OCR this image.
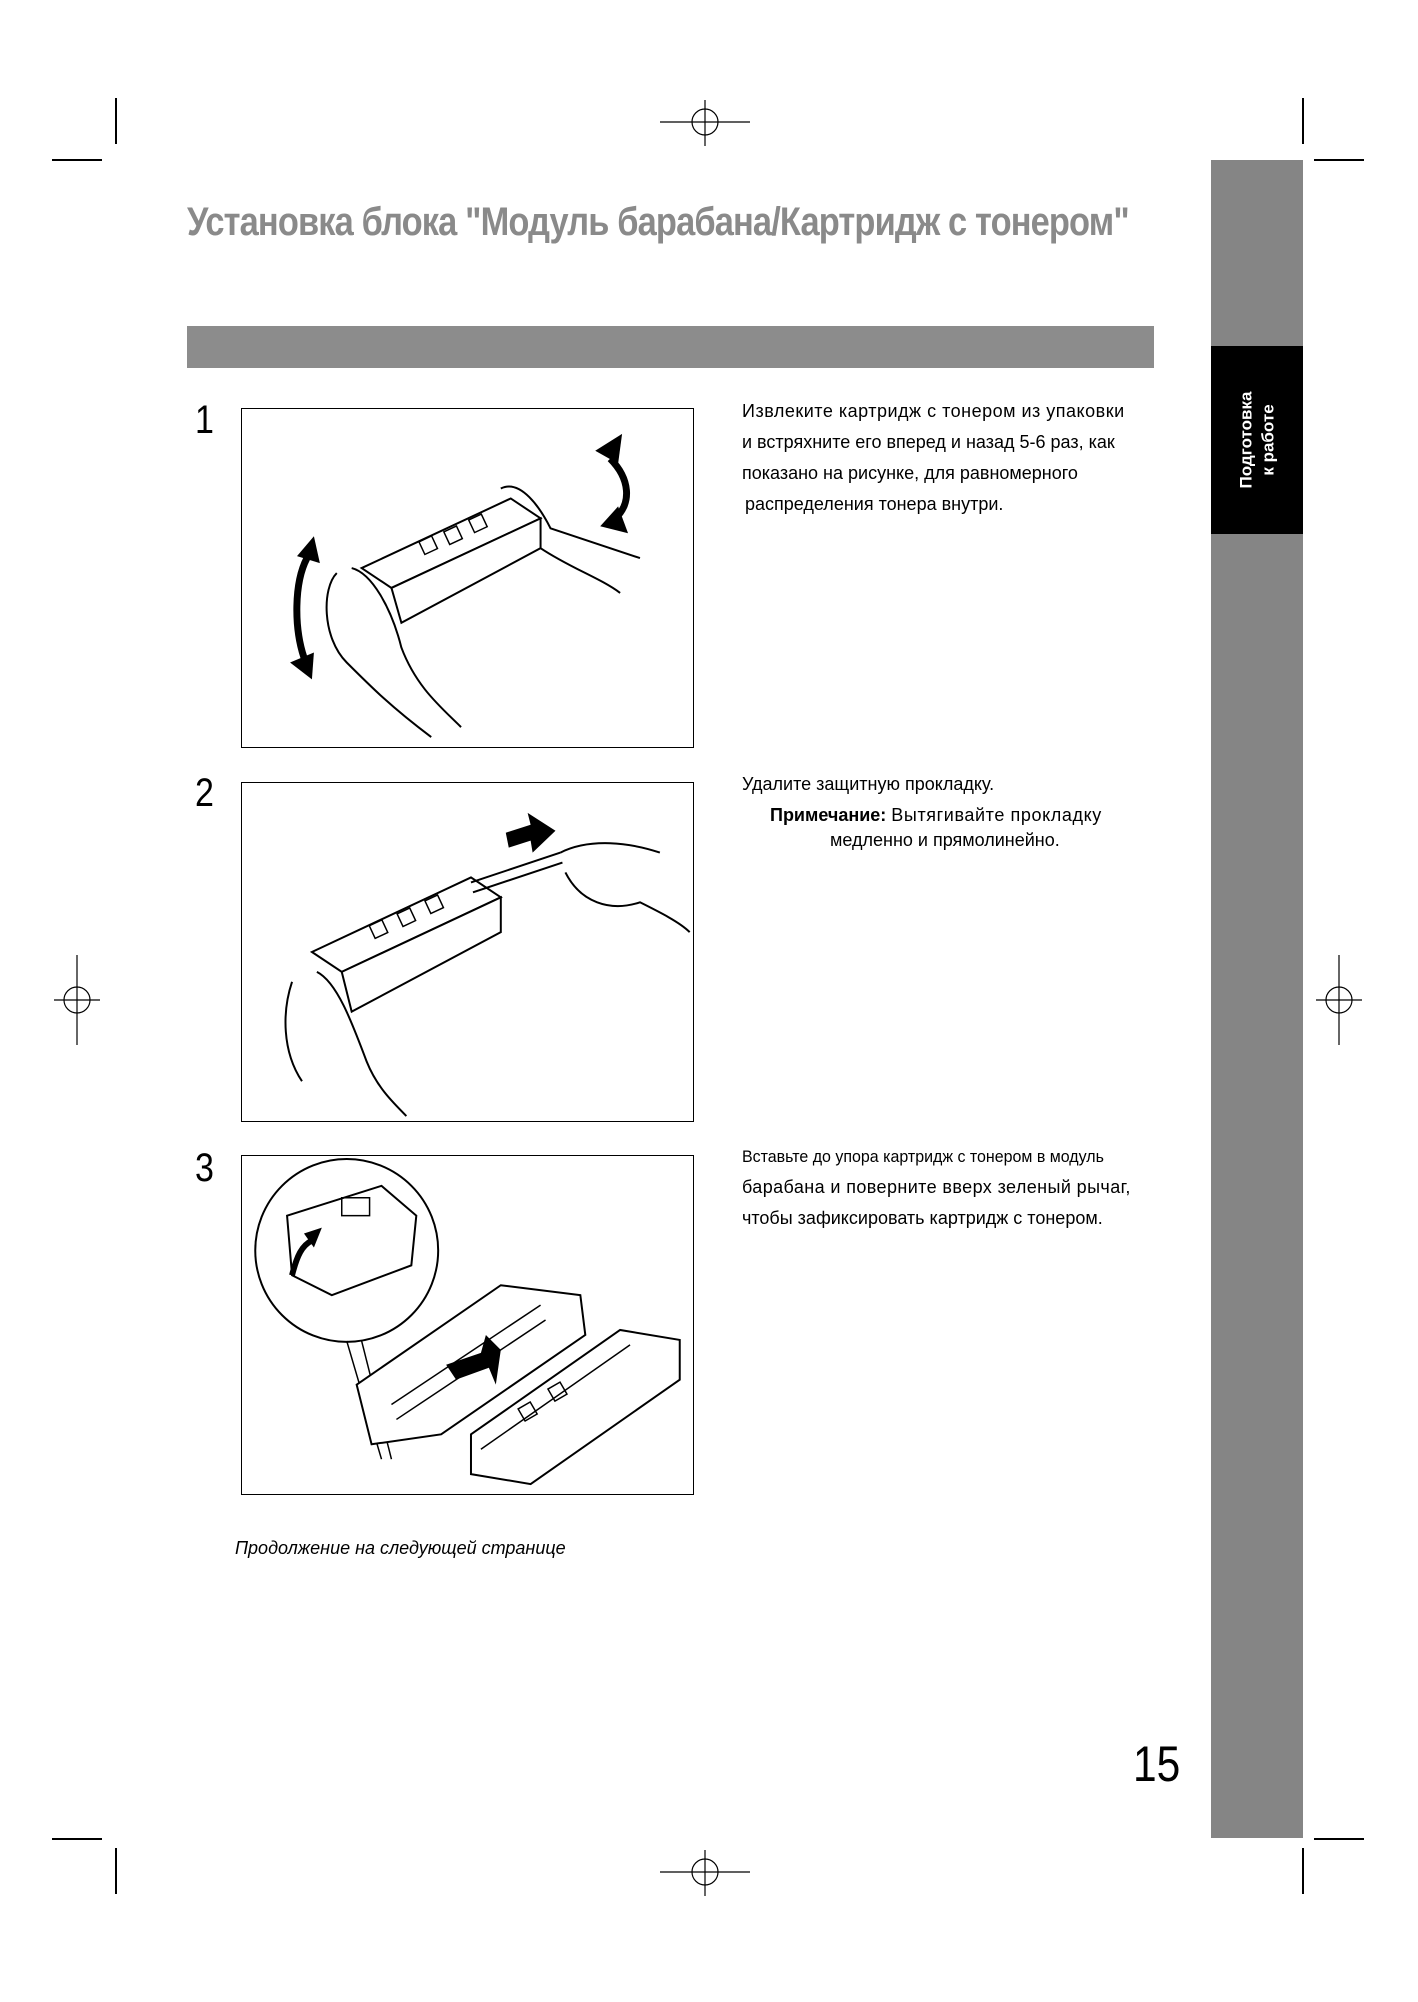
Подготовка к работе
Установка блока "Модуль барабана/Картридж с тонером"
1	Извлеките картридж с тонером из упаковки
и встряхните его вперед и назад 5-6 раз, как
показано на рисунке, для равномерного
распределения тонера внутри.
2	Удалите защитную прокладку.
Примечание: Вытягивайте прокладку
медленно и прямолинейно.
3	Вставьте до упора картридж с тонером в модуль
барабана и поверните вверх зеленый рычаг,
чтобы зафиксировать картридж с тонером.
Продолжение на следующей странице
15
